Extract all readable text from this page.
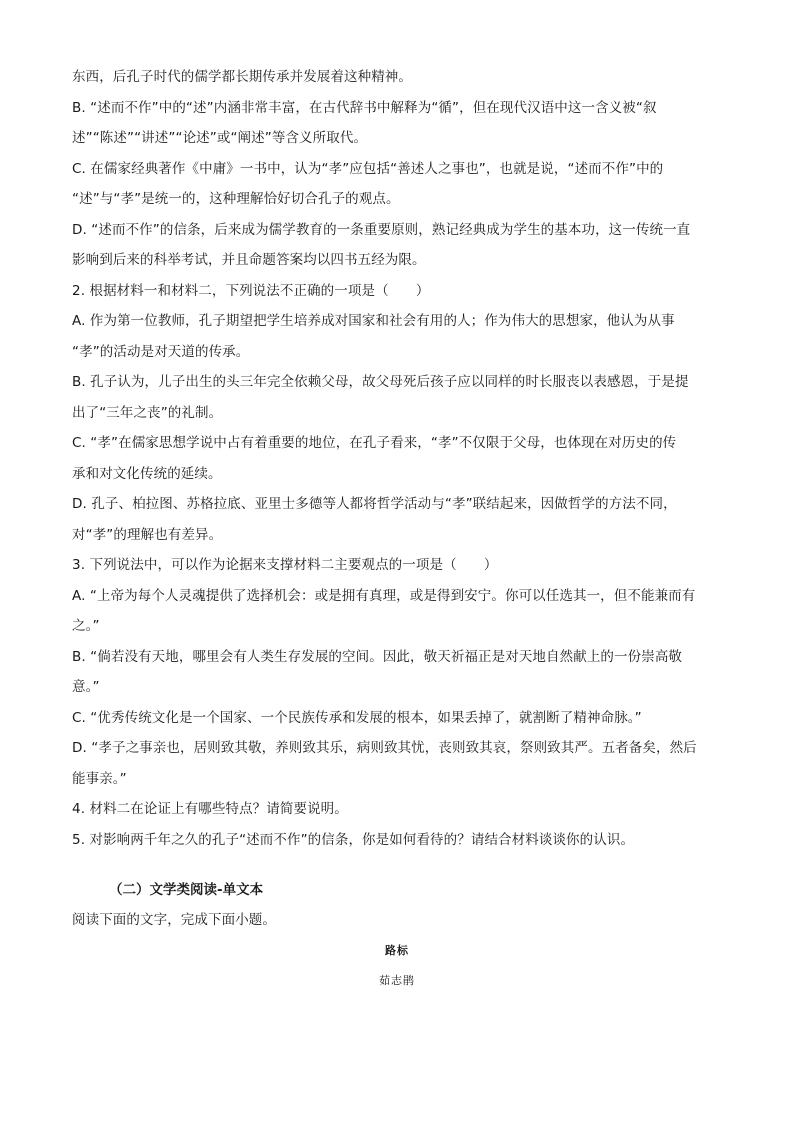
东西，后孔子时代的儒学都长期传承并发展着这种精神。
B. “述而不作”中的“述”内涵非常丰富，在古代辞书中解释为“循”，但在现代汉语中这一含义被“叙
述”“陈述”“讲述”“论述”或“阐述”等含义所取代。
C. 在儒家经典著作《中庸》一书中，认为“孝”应包括“善述人之事也”，也就是说，“述而不作”中的
“述”与“孝”是统一的，这种理解恰好切合孔子的观点。
D. “述而不作”的信条，后来成为儒学教育的一条重要原则，熟记经典成为学生的基本功，这一传统一直
影响到后来的科举考试，并且命题答案均以四书五经为限。
2. 根据材料一和材料二，下列说法不正确的一项是（　　）
A. 作为第一位教师，孔子期望把学生培养成对国家和社会有用的人；作为伟大的思想家，他认为从事
“孝”的活动是对天道的传承。
B. 孔子认为，儿子出生的头三年完全依赖父母，故父母死后孩子应以同样的时长服丧以表感恩，于是提
出了“三年之丧”的礼制。
C. “孝”在儒家思想学说中占有着重要的地位，在孔子看来，“孝”不仅限于父母，也体现在对历史的传
承和对文化传统的延续。
D. 孔子、柏拉图、苏格拉底、亚里士多德等人都将哲学活动与“孝”联结起来，因做哲学的方法不同，
对“孝”的理解也有差异。
3. 下列说法中，可以作为论据来支撑材料二主要观点的一项是（　　）
A. “上帝为每个人灵魂提供了选择机会：或是拥有真理，或是得到安宁。你可以任选其一，但不能兼而有
之。”
B. “倘若没有天地，哪里会有人类生存发展的空间。因此，敬天祈福正是对天地自然献上的一份崇高敬
意。”
C. “优秀传统文化是一个国家、一个民族传承和发展的根本，如果丢掉了，就割断了精神命脉。”
D. “孝子之事亲也，居则致其敬，养则致其乐，病则致其忧，丧则致其哀，祭则致其严。五者备矣，然后
能事亲。”
4. 材料二在论证上有哪些特点？请简要说明。
5. 对影响两千年之久的孔子“述而不作”的信条，你是如何看待的？请结合材料谈谈你的认识。
（二）文学类阅读-单文本
阅读下面的文字，完成下面小题。
路标
茹志鹃
